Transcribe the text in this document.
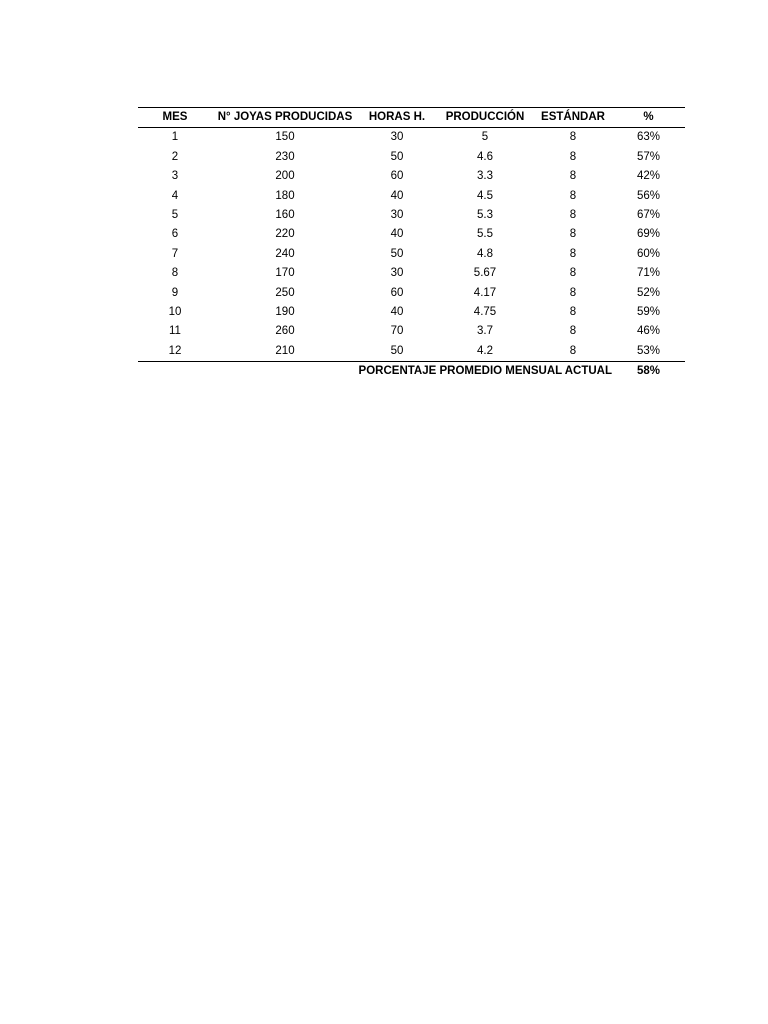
MES	N° JOYAS PRODUCIDAS	HORAS H.	PRODUCCIÓN	ESTÁNDAR	%
1	150	30	5	8	63%
2	230	50	4.6	8	57%
3	200	60	3.3	8	42%
4	180	40	4.5	8	56%
5	160	30	5.3	8	67%
6	220	40	5.5	8	69%
7	240	50	4.8	8	60%
8	170	30	5.67	8	71%
9	250	60	4.17	8	52%
10	190	40	4.75	8	59%
11	260	70	3.7	8	46%
12	210	50	4.2	8	53%
PORCENTAJE PROMEDIO MENSUAL ACTUAL					58%
